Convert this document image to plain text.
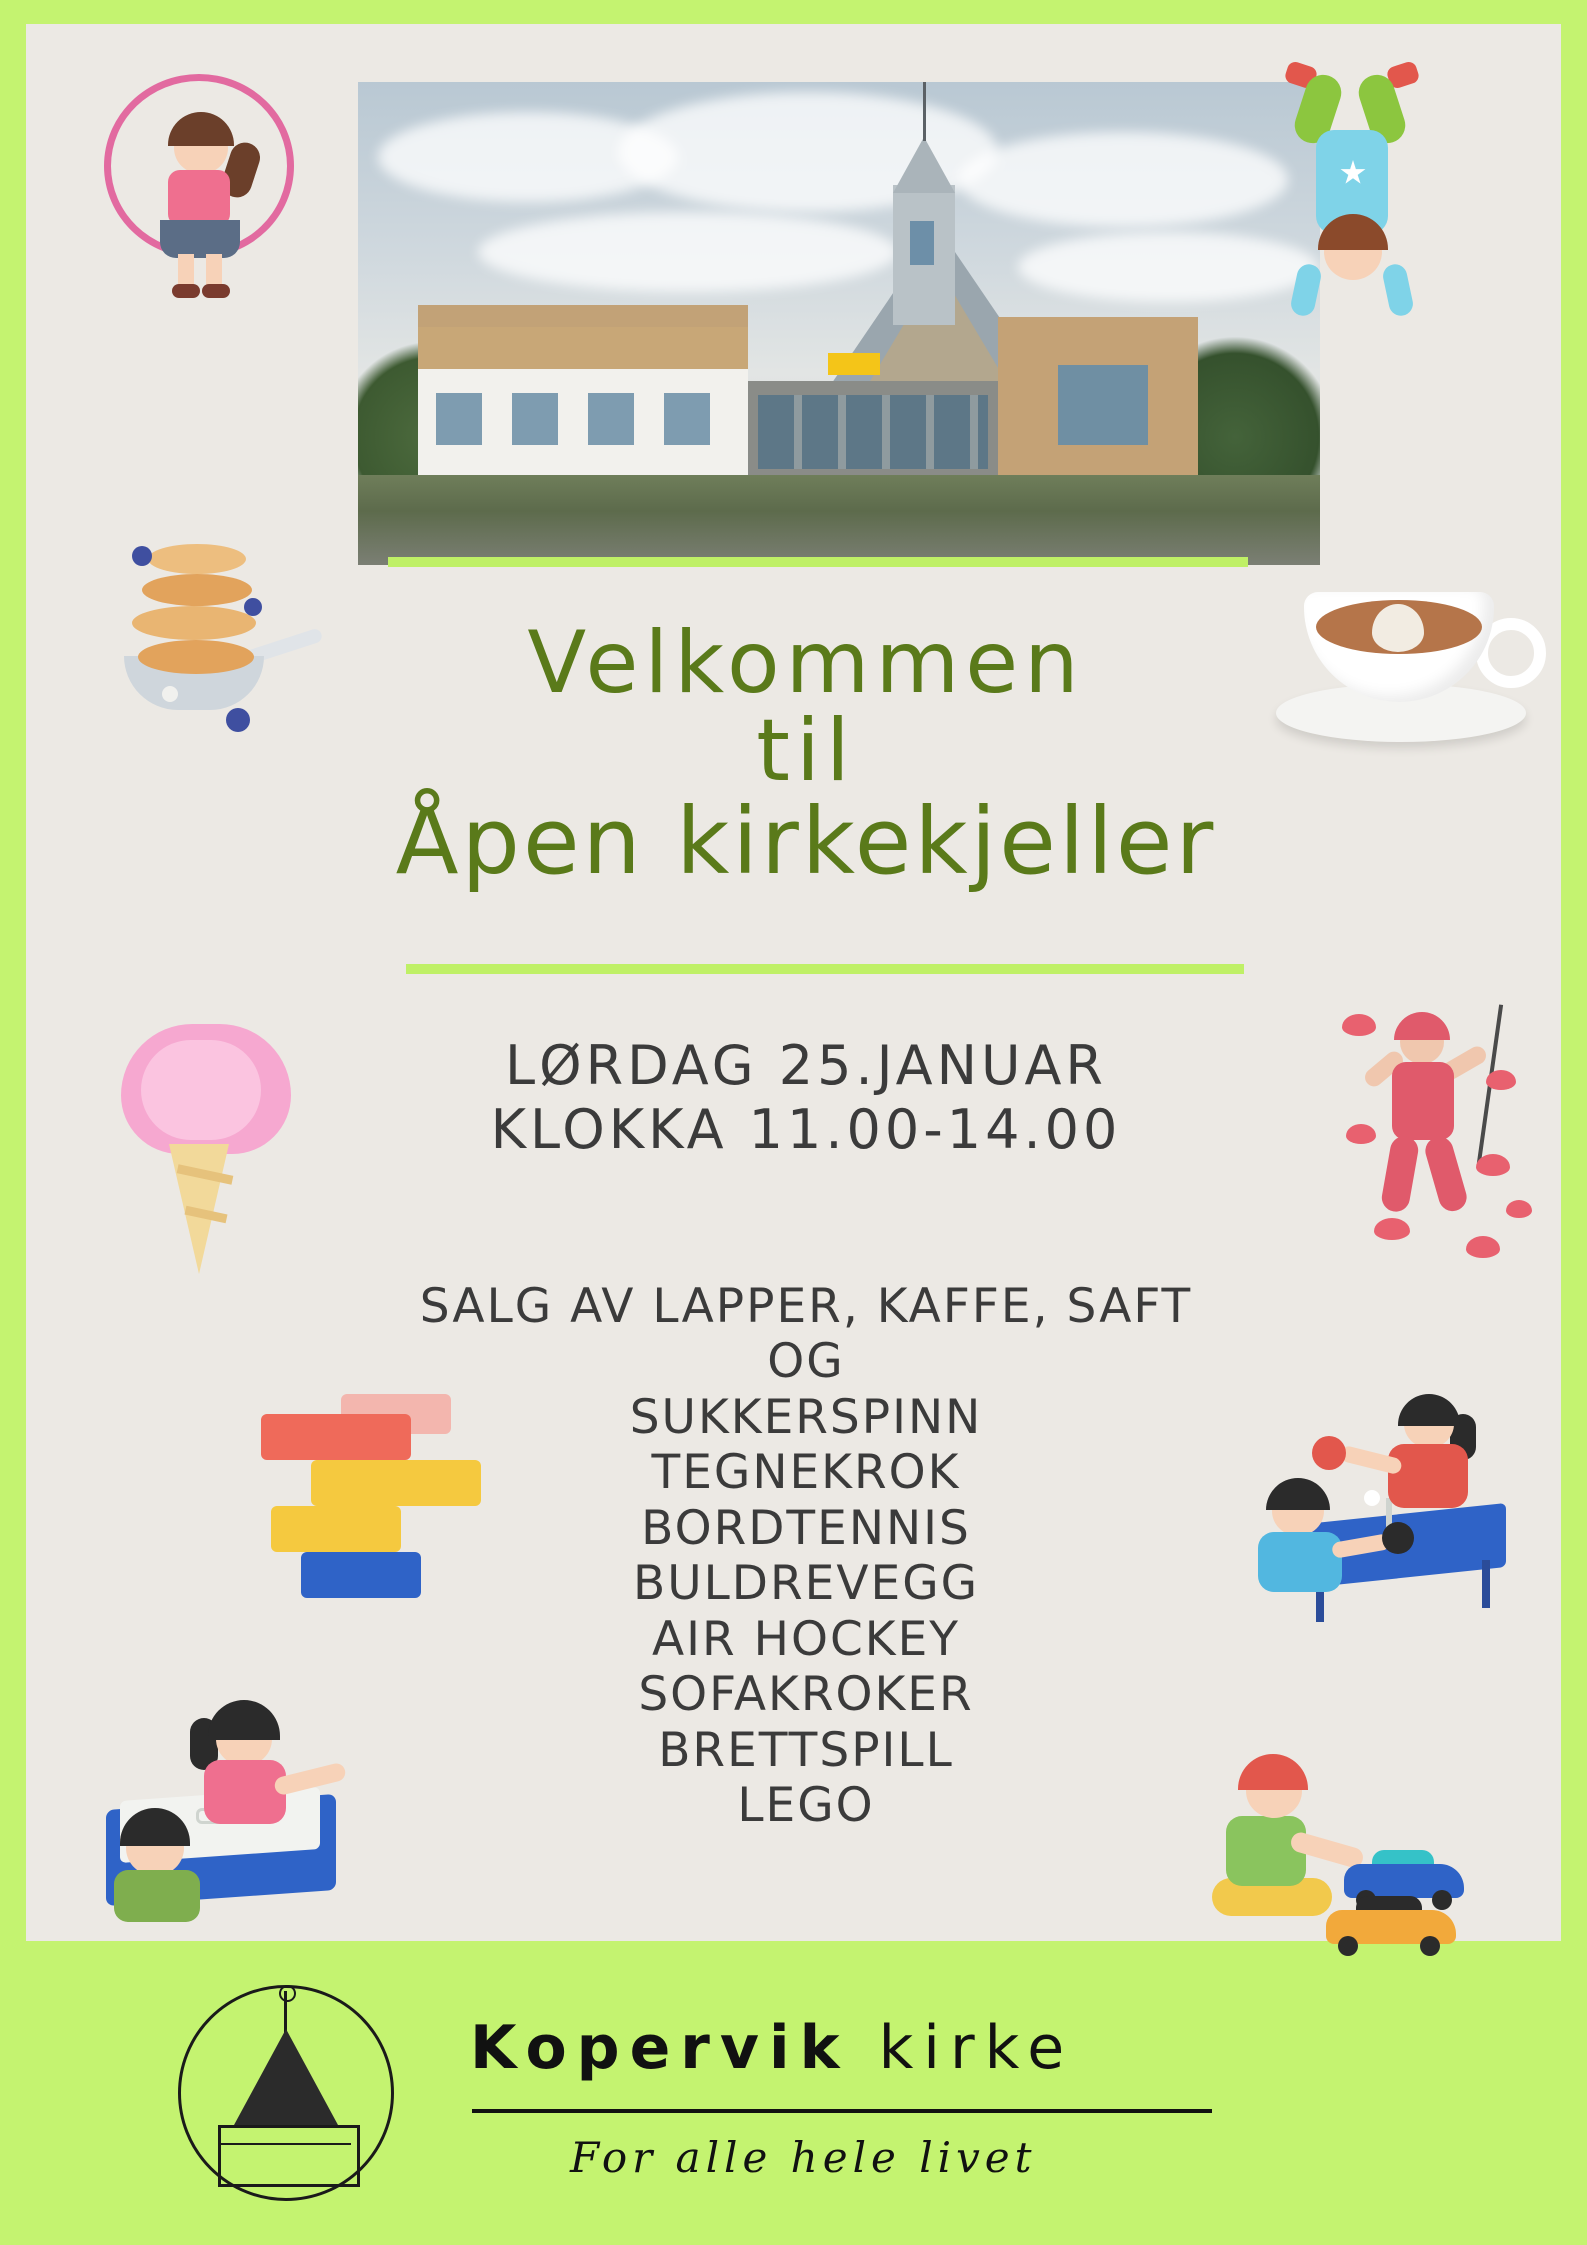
Velkommen
til
Åpen kirkekjeller
LØRDAG 25.JANUAR
KLOKKA 11.00-14.00
SALG AV LAPPER, KAFFE, SAFT
OG
SUKKERSPINN
TEGNEKROK
BORDTENNIS
BULDREVEGG
AIR HOCKEY
SOFAKROKER
BRETTSPILL
LEGO
Kopervik kirke
For alle hele livet
